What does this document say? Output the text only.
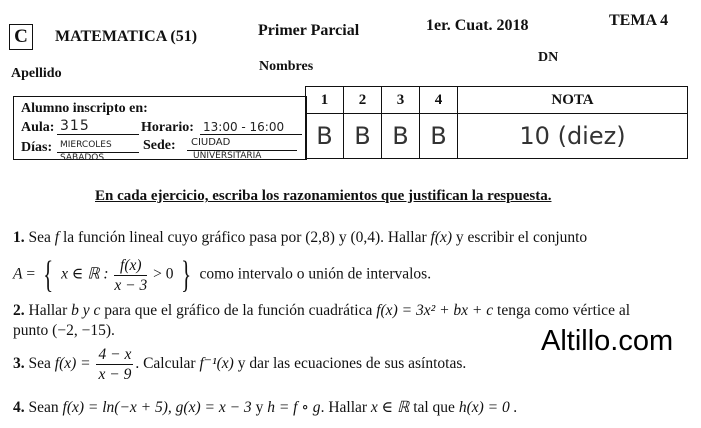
C	MATEMATICA (51)	Primer Parcial	1er. Cuat. 2018	TEMA 4
Apellido	Nombres
DN
Alumno inscripto en:
Aula: 315	Horario: 13:00 - 16:00
Días: MIERCOLES
SABADOS
Sede: CIUDAD
UNIVERSITARIA
1	2	3	4	NOTA
B	B	B	B	10 (diez)
En cada ejercicio, escriba los razonamientos que justifican la respuesta.
1. Sea f la función lineal cuyo gráfico pasa por (2,8) y (0,4). Hallar f(x) y escribir el conjunto
A = { x ∈ ℝ : $\frac{f(x)}{x - 3} > 0$ } como intervalo o unión de intervalos.
2. Hallar b y c para que el gráfico de la función cuadrática f(x) = 3x² + bx + c tenga como vértice al
punto (−2, −15).
3. Sea $f(x) = \frac{4 - x}{x - 9}$ . Calcular f⁻¹(x) y dar las ecuaciones de sus asíntotas.
4. Sean f(x) = ln(−x + 5), g(x) = x − 3 y h = f ∘ g. Hallar x ∈ ℝ tal que h(x) = 0 .
Altillo.com
